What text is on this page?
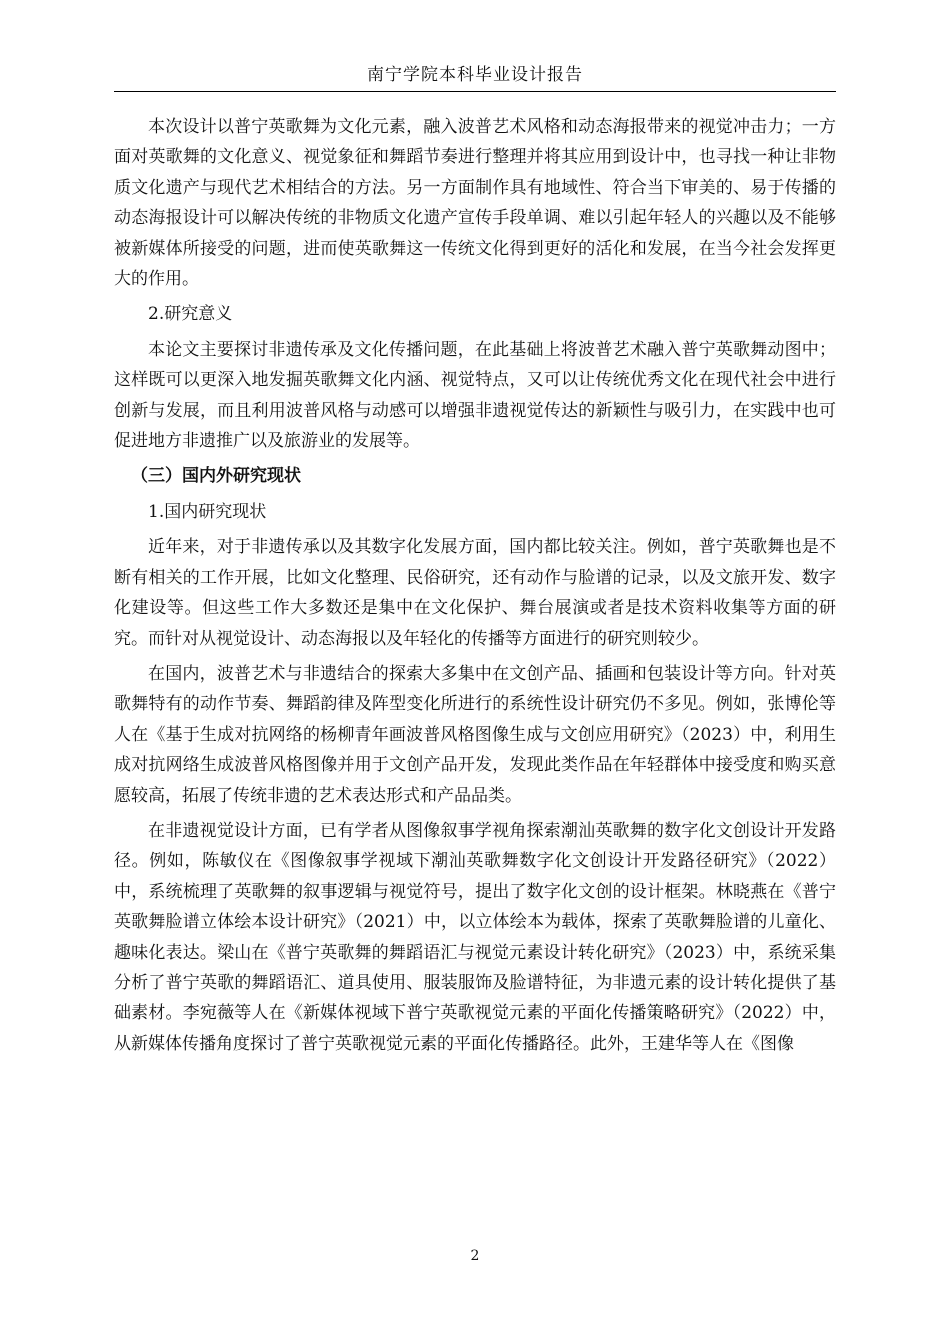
南宁学院本科毕业设计报告

本次设计以普宁英歌舞为文化元素，融入波普艺术风格和动态海报带来的视觉冲击力；一方面对英歌舞的文化意义、视觉象征和舞蹈节奏进行整理并将其应用到设计中，也寻找一种让非物质文化遗产与现代艺术相结合的方法。另一方面制作具有地域性、符合当下审美的、易于传播的动态海报设计可以解决传统的非物质文化遗产宣传手段单调、难以引起年轻人的兴趣以及不能够被新媒体所接受的问题，进而使英歌舞这一传统文化得到更好的活化和发展，在当今社会发挥更大的作用。

2.研究意义

本论文主要探讨非遗传承及文化传播问题，在此基础上将波普艺术融入普宁英歌舞动图中；这样既可以更深入地发掘英歌舞文化内涵、视觉特点，又可以让传统优秀文化在现代社会中进行创新与发展，而且利用波普风格与动感可以增强非遗视觉传达的新颖性与吸引力，在实践中也可促进地方非遗推广以及旅游业的发展等。

（三）国内外研究现状

1.国内研究现状

近年来，对于非遗传承以及其数字化发展方面，国内都比较关注。例如，普宁英歌舞也是不断有相关的工作开展，比如文化整理、民俗研究，还有动作与脸谱的记录，以及文旅开发、数字化建设等。但这些工作大多数还是集中在文化保护、舞台展演或者是技术资料收集等方面的研究。而针对从视觉设计、动态海报以及年轻化的传播等方面进行的研究则较少。

在国内，波普艺术与非遗结合的探索大多集中在文创产品、插画和包装设计等方向。针对英歌舞特有的动作节奏、舞蹈韵律及阵型变化所进行的系统性设计研究仍不多见。例如，张博伦等人在《基于生成对抗网络的杨柳青年画波普风格图像生成与文创应用研究》（2023）中，利用生成对抗网络生成波普风格图像并用于文创产品开发，发现此类作品在年轻群体中接受度和购买意愿较高，拓展了传统非遗的艺术表达形式和产品品类。

在非遗视觉设计方面，已有学者从图像叙事学视角探索潮汕英歌舞的数字化文创设计开发路径。例如，陈敏仪在《图像叙事学视域下潮汕英歌舞数字化文创设计开发路径研究》（2022）中，系统梳理了英歌舞的叙事逻辑与视觉符号，提出了数字化文创的设计框架。林晓燕在《普宁英歌舞脸谱立体绘本设计研究》（2021）中，以立体绘本为载体，探索了英歌舞脸谱的儿童化、趣味化表达。梁山在《普宁英歌舞的舞蹈语汇与视觉元素设计转化研究》（2023）中，系统采集分析了普宁英歌的舞蹈语汇、道具使用、服装服饰及脸谱特征，为非遗元素的设计转化提供了基础素材。李宛薇等人在《新媒体视域下普宁英歌视觉元素的平面化传播策略研究》（2022）中，从新媒体传播角度探讨了普宁英歌视觉元素的平面化传播路径。此外，王建华等人在《图像

2
